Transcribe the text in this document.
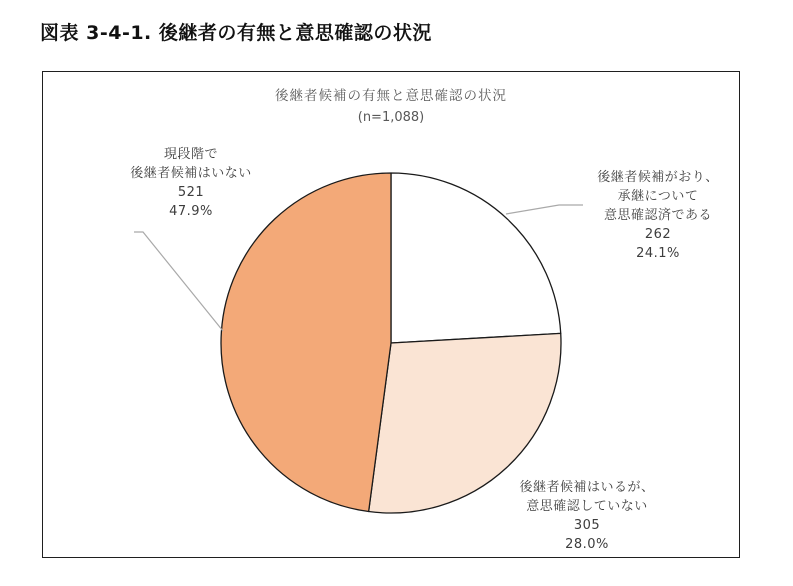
図表 3-4-1. 後継者の有無と意思確認の状況
後継者候補の有無と意思確認の状況
(n=1,088)
現段階で
後継者候補はいない
521
47.9%
後継者候補がおり、
承継について
意思確認済である
262
24.1%
後継者候補はいるが、
意思確認していない
305
28.0%
